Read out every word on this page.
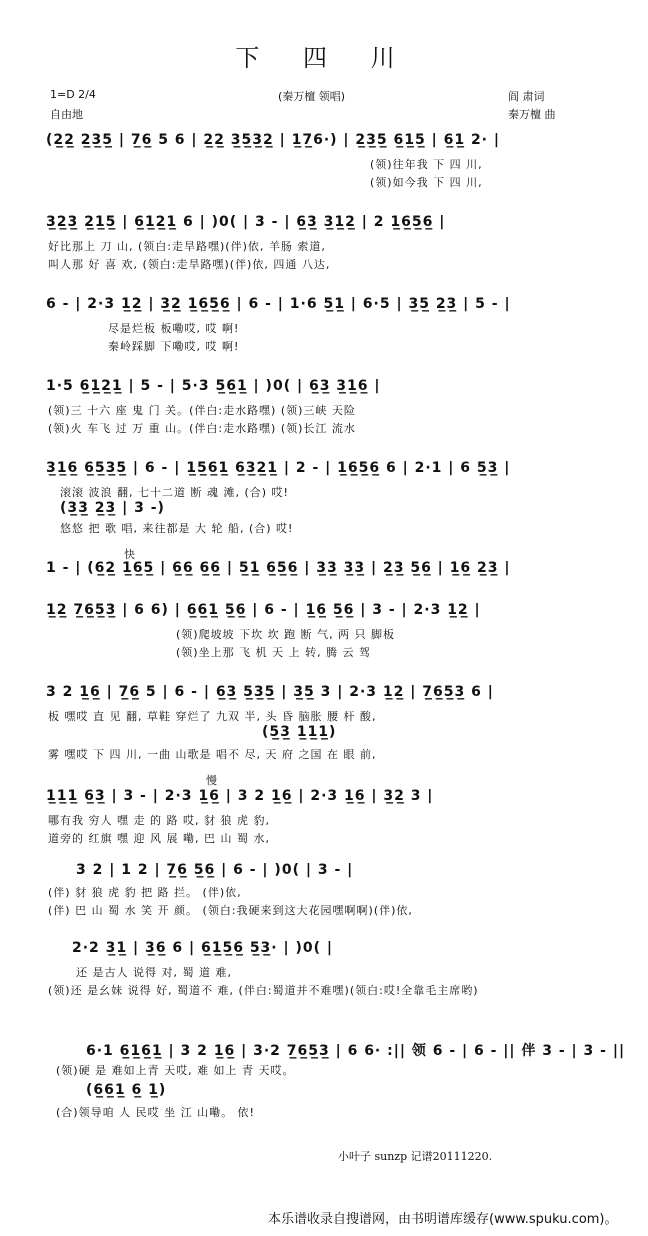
下 四 川
1=D 2/4
自由地
(秦万檀 领唱)	阎 肃词
秦万檀 曲
(2̲2̲ 2̲3̲5̲ | 7̲6̲ 5 6 | 2̲2̲ 3̲5̲3̲2̲ | 1̲7̲6·) | 2̲3̲5̲ 6̲1̲5̲ | 6̲1̲ 2· |
(领)往年我 下 四 川,
(领)如今我 下 四 川,
3̲2̲3̲ 2̲1̲5̲ | 6̲1̲2̲1̲ 6 | )0( | 3 - | 6̲3̲ 3̲1̲2̲ | 2 1̲6̲5̲6̲ |
好比那上 刀 山, (领白:走旱路嘿)(伴)依, 羊肠 索道,
叫人那 好 喜 欢, (领白:走旱路嘿)(伴)依, 四通 八达,
6 - | 2·3 1̲2̲ | 3̲2̲ 1̲6̲5̲6̲ | 6 - | 1·6 5̲1̲ | 6·5 | 3̲5̲ 2̲3̲ | 5 - |
尽是烂板 板嘞哎, 哎 啊!
秦岭踩脚 下嘞哎, 哎 啊!
1·5 6̲1̲2̲1̲ | 5 - | 5·3 5̲6̲1̲ | )0( | 6̲3̲ 3̲1̲6̲ |
(领)三 十六 座 鬼 门 关。(伴白:走水路嘿) (领)三峡 天险
(领)火 车飞 过 万 重 山。(伴白:走水路嘿) (领)长江 流水
3̲1̲6̲ 6̲5̲3̲5̲ | 6 - | 1̲5̲6̲1̲ 6̲3̲2̲1̲ | 2 - | 1̲6̲5̲6̲ 6 | 2·1 | 6 5̲3̲ |
滚滚 波浪 翻, 七十二道 断 魂 滩, (合) 哎!
(3̲3̲ 2̲3̲ | 3 -)
悠悠 把 歌 唱, 来往都是 大 轮 船, (合) 哎!
快
1 - | (6̲2̲ 1̲6̲5̲ | 6̲6̲ 6̲6̲ | 5̲1̲ 6̲5̲6̲ | 3̲3̲ 3̲3̲ | 2̲3̲ 5̲6̲ | 1̲6̲ 2̲3̲ |
1̲2̲ 7̲6̲5̲3̲ | 6 6) | 6̲6̲1̲ 5̲6̲ | 6 - | 1̲6̲ 5̲6̲ | 3 - | 2·3 1̲2̲ |
(领)爬坡坡 下坎 坎 跑 断 气, 两 只 脚板
(领)坐上那 飞 机 天 上 转, 腾 云 驾
3 2 1̲6̲ | 7̲6̲ 5 | 6 - | 6̲3̲ 5̲3̲5̲ | 3̲5̲ 3 | 2·3 1̲2̲ | 7̲6̲5̲3̲ 6 |
板 嘿哎 直 见 翻, 草鞋 穿烂了 九双 半, 头 昏 脑胀 腰 杆 酸,
(5̲3̲ 1̲1̲1̲)
雾 嘿哎 下 四 川, 一曲 山歌是 唱不 尽, 天 府 之国 在 眼 前,
慢
1̲1̲1̲ 6̲3̲ | 3 - | 2·3 1̲6̲ | 3 2 1̲6̲ | 2·3 1̲6̲ | 3̲2̲ 3 |
哪有我 穷人 嘿 走 的 路 哎, 豺 狼 虎 豹,
道旁的 红旗 嘿 迎 风 展 嘞, 巴 山 蜀 水,
3 2 | 1 2 | 7̲6̲ 5̲6̲ | 6 - | )0( | 3 - |
(伴) 豺 狼 虎 豹 把 路 拦。 (伴)依,
(伴) 巴 山 蜀 水 笑 开 颜。 (领白:我硬来到这大花园嘿啊啊)(伴)依,
2·2 3̲1̲ | 3̲6̲ 6 | 6̲1̲5̲6̲ 5̲3̲· | )0( |
还 是古人 说得 对, 蜀 道 难,
(领)还 是幺妹 说得 好, 蜀道不 难, (伴白:蜀道并不难嘿)(领白:哎!全靠毛主席哟)
6·1 6̲1̲6̲1̲ | 3 2 1̲6̲ | 3·2 7̲6̲5̲3̲ | 6 6· :|| 领 6 - | 6 - || 伴 3 - | 3 - ||
(领)硬 是 难如上青 天哎, 难 如上 青 天哎。
(6̲6̲1̲ 6̲ 1̲)
(合)领导咱 人 民哎 坐 江 山嘞。 依!
小叶子 sunzp 记谱20111220.
本乐谱收录自搜谱网，由书明谱库缓存(www.spuku.com)。
